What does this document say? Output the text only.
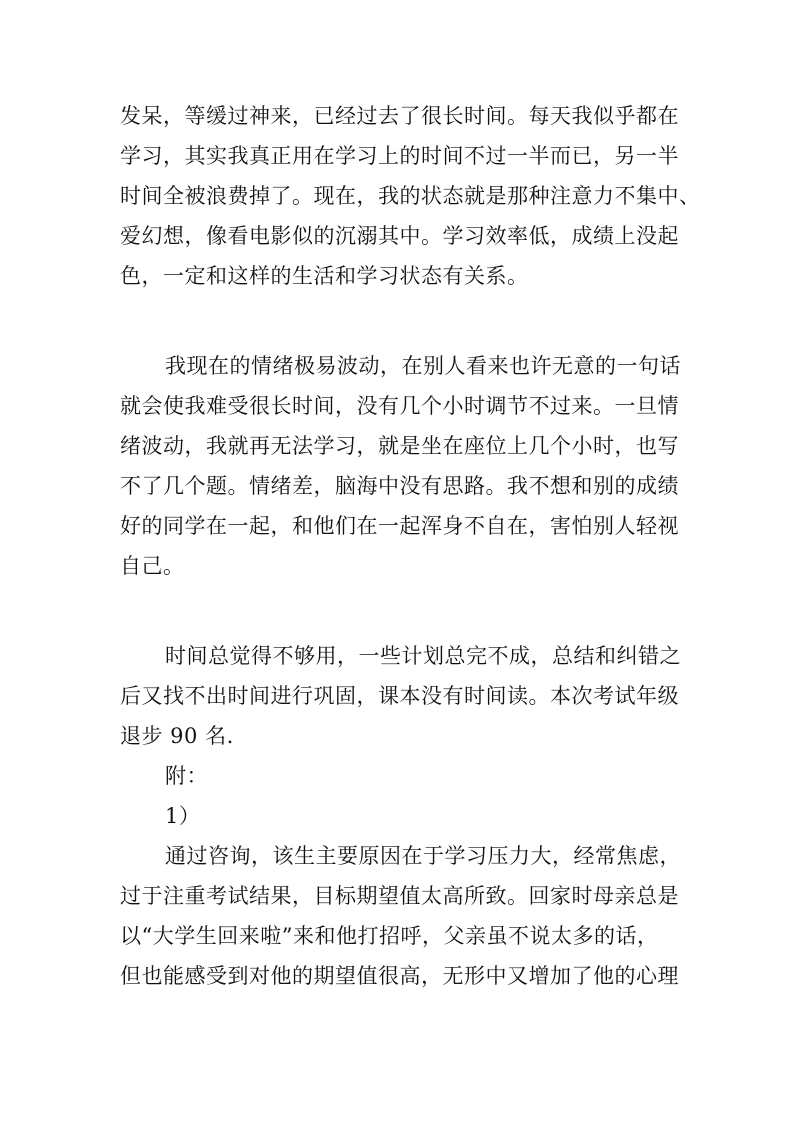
发呆，等缓过神来，已经过去了很长时间。每天我似乎都在
学习，其实我真正用在学习上的时间不过一半而已，另一半
时间全被浪费掉了。现在，我的状态就是那种注意力不集中、
爱幻想，像看电影似的沉溺其中。学习效率低，成绩上没起
色，一定和这样的生活和学习状态有关系。
我现在的情绪极易波动，在别人看来也许无意的一句话
就会使我难受很长时间，没有几个小时调节不过来。一旦情
绪波动，我就再无法学习，就是坐在座位上几个小时，也写
不了几个题。情绪差，脑海中没有思路。我不想和别的成绩
好的同学在一起，和他们在一起浑身不自在，害怕别人轻视
自己。
时间总觉得不够用，一些计划总完不成，总结和纠错之
后又找不出时间进行巩固，课本没有时间读。本次考试年级
退步 90 名.
附：
1）
通过咨询，该生主要原因在于学习压力大，经常焦虑，
过于注重考试结果，目标期望值太高所致。回家时母亲总是
以“大学生回来啦”来和他打招呼，父亲虽不说太多的话，
但也能感受到对他的期望值很高，无形中又增加了他的心理
